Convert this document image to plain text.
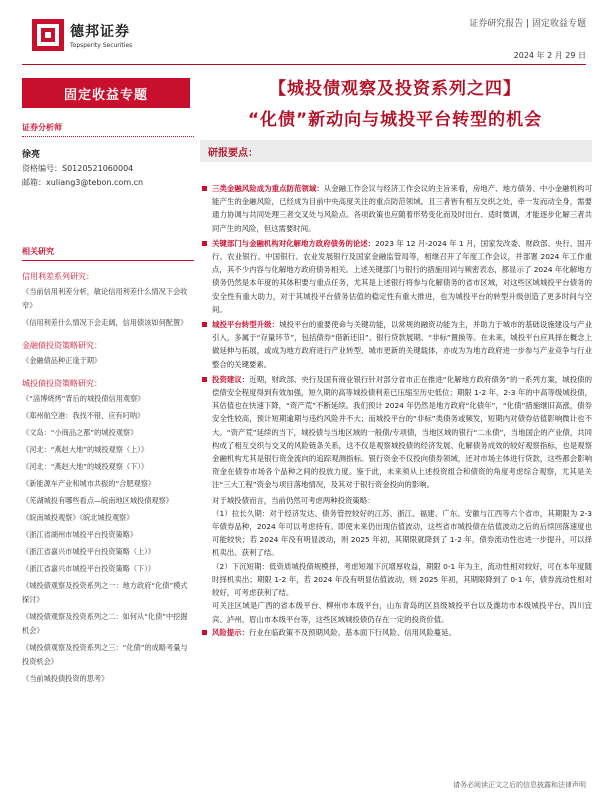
德邦证券
Topsperity Securities
证券研究报告 | 固定收益专题
2024 年 2 月 29 日
固定收益专题	【城投债观察及投资系列之四】
“化债”新动向与城投平台转型的机会
证券分析师
徐亮
资格编号：S0120521060004
邮箱：xuliang3@tebon.com.cn
相关研究
信用利差系列研究：
《当前信用利差分析，敏论信用利差什么情况下会收窄》
《信用利差什么情况下会走阔，信用债该如何配置》
金融债投资策略研究：
《金融债品种正逢于期》
城投债投资策略研究：
《“淄博烧烤”背后的城投债信用观察》
《郑州航空港：我找不错，应有叼呐》
《文岛：“小商品之都”的城投观察》
《河北：“燕赵大地”的城投观察（上）》
《河北：“燕赵大地”的城投观察（下）》
《新能源车产业和城市共振的“合肥观察》
《芜湖城投有哪些看点—皖南地区城投债观察》
《皖南城投观察》《皖北城投观察》
《浙江省湖州市城投平台投资策略》
《浙江省嘉兴市城投平台投资策略（上）》
《浙江省嘉兴市城投平台投资策略（下）》
《城投债观察及投资系列之一：地方政府“化债”模式探讨》
《城投债观察及投资系列之二：如何从“化债”中挖掘机会》
《城投债观察及投资系列之三：“化债”的成略考量与投资机会》
《当前城投债投资的思考》
研报要点：
三类金融风险成为重点防范领域：从金融工作会议与经济工作会议的主旨来看，房地产、地方债务、中小金融机构可能产生的金融风险，已经成为目前中央高度关注的重点防范领域。且三者皆有相互交织之处，牵一发而动全身，需要通力协调与共同处理三者交叉处与风险点。各项政策也应随着形势变化而及时出台、适时微调，才能逐步化解三者共同产生的风险，但这需要时间。
关键部门与金融机构对化解地方政府债务的论述：2023 年 12 月-2024 年 1 月，国家发改委、财政部、央行、国开行、农业银行、中国银行、农业发展银行及国家金融监管局等，相继召开了年度工作会议，并部署 2024 年工作重点，其不少内容与化解地方政府债务相关。上述关键部门与银行的措施用词与频密表态，都显示了 2024 年化解地方债务仍然是本年度的其体积要与重点任务，尤其是上述银行将参与化解债务的省市区域，对这些区域城投平台债务的安全性有重大助力，对于其城投平台债务估值的稳定性有重大推进，也为城投平台的转型升级创造了更多时间与空间。
城投平台转型升级：城投平台的重要使命与关键功能，以常规的融资功能为主，并助力于城市的基础设施建设与产业引入，多属于“存量环节”，包括债券“借新还旧”、银行贷款展期、“非标”置换等。在未来，城投平台应具择在概念上做延伸与拓展，或成为地方政府进行产业转型、城市更新的关键载体，亦成为为地方政府进一步参与产业竞争与行业整合的关键要素。
投资建议：近期，财政部、央行及国有商业银行针对部分省市正在推进“化解地方政府债务”的一系列方案，城投债的偿债安全程度得到有效加强，短久期的高等城投债利差已压缩至历史低位；期限 1-2 年、2-3 年的中高等级城投债，其估值也在快速下降，“资产荒”不断延续。我们预计 2024 年仍然是地方政府“化债年”，“化债”措施继旧高涨，债券安全性较高，预计短期逾期与违约风险并不大；而城投平台的“非标”类债务或频发，短期内对债券估值影响微计也不大。“资产荒”延续的当下，城投债与当地区域的一般债/专项债，当地区域的银行“二永债”，当地国企的产业债，共同构成了相互交织与交叉的风险链条关系，这不仅是观察城投债的经济发展、化解债务成效的较好观察指标，也是观察金融机构尤其是银行资金流向的追踪观测指标。银行资金不仅投向债券领域，还对市场主体进行贷款，这些都会影响资金在债券市场各个品种之间的投放力度。鉴于此，未来须从上述投资组合和债资的角度考虑综合观察，尤其是关注“三大工程”资金与项目落地情况，及其对于银行资金投向的影响。
对于城投债而言，当前仍然可考虑两种投资策略：
（1）拉长久期：对于经济发达、债务管控较好的江苏、浙江、福建、广东、安徽与江西等六个省市，其期限为 2-3 年债券品种，2024 年可以考虑持有。即使未来仍出现估值波动，这些省市城投债在估值波动之后的后续回落速度也可能较快；若 2024 年没有明显波动，则 2025 年初，其期限就降到了 1-2 年，债券流动性也进一步提升，可以择机卖出、获利了结。
（2）下沉短期：低资质城投债规模择，考虑短端下沉增厚收益，期限 0-1 年为主，流动性相对较好，可在本年度随时择机卖出；期限 1-2 年，若 2024 年没有明显估值波动，则 2025 年初，其期限降到了 0-1 年，债券流动性相对较好，可考虑获利了结。
可关注区域是广西的省本级平台、柳州市本级平台，山东青岛的区县级城投平台以及潍坊市本级城投平台，四川宜宾、泸州、眉山市本级平台等，这些区域城投债仍存在一定的投资价值。
风险提示：行业在临政策不及预期风险、基本面下行风险、信用风险蔓延。
请务必阅读正文之后的信息披露和法律声明
